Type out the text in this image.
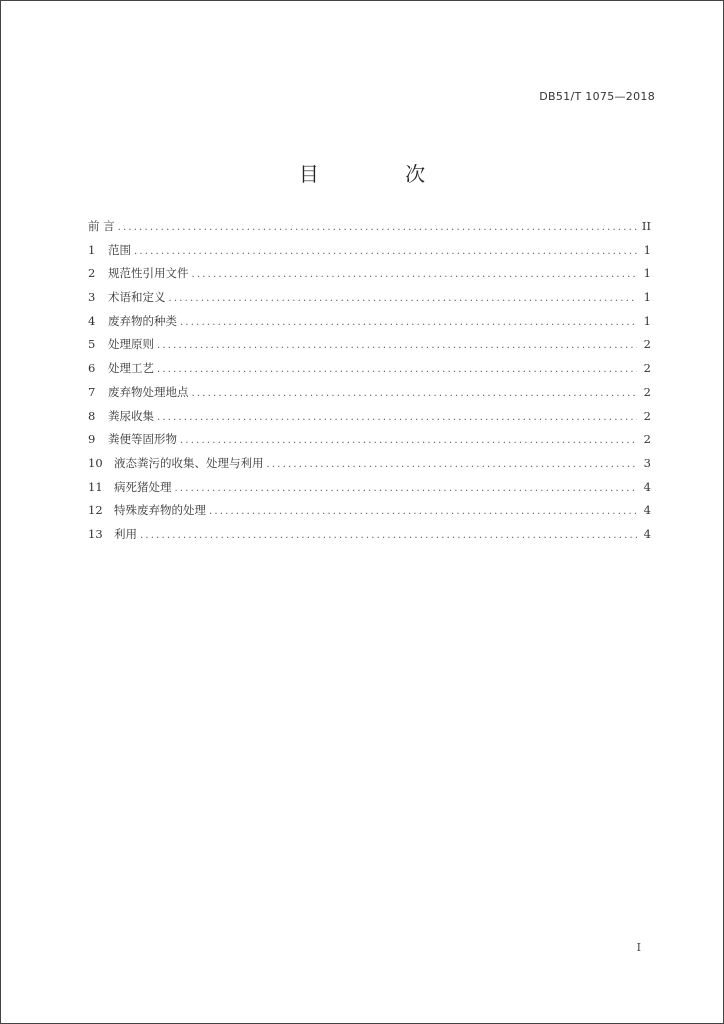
DB51/T 1075—2018
目 次
前 言 .....	II
1	范围 .....	1
2	规范性引用文件 .....	1
3	术语和定义 .....	1
4	废弃物的种类 .....	1
5	处理原则 .....	2
6	处理工艺 .....	2
7	废弃物处理地点 .....	2
8	粪尿收集 .....	2
9	粪便等固形物 .....	2
10 液态粪污的收集、处理与利用 .....	3
11 病死猪处理 .....	4
12 特殊废弃物的处理 .....	4
13 利用 .....	4
I
